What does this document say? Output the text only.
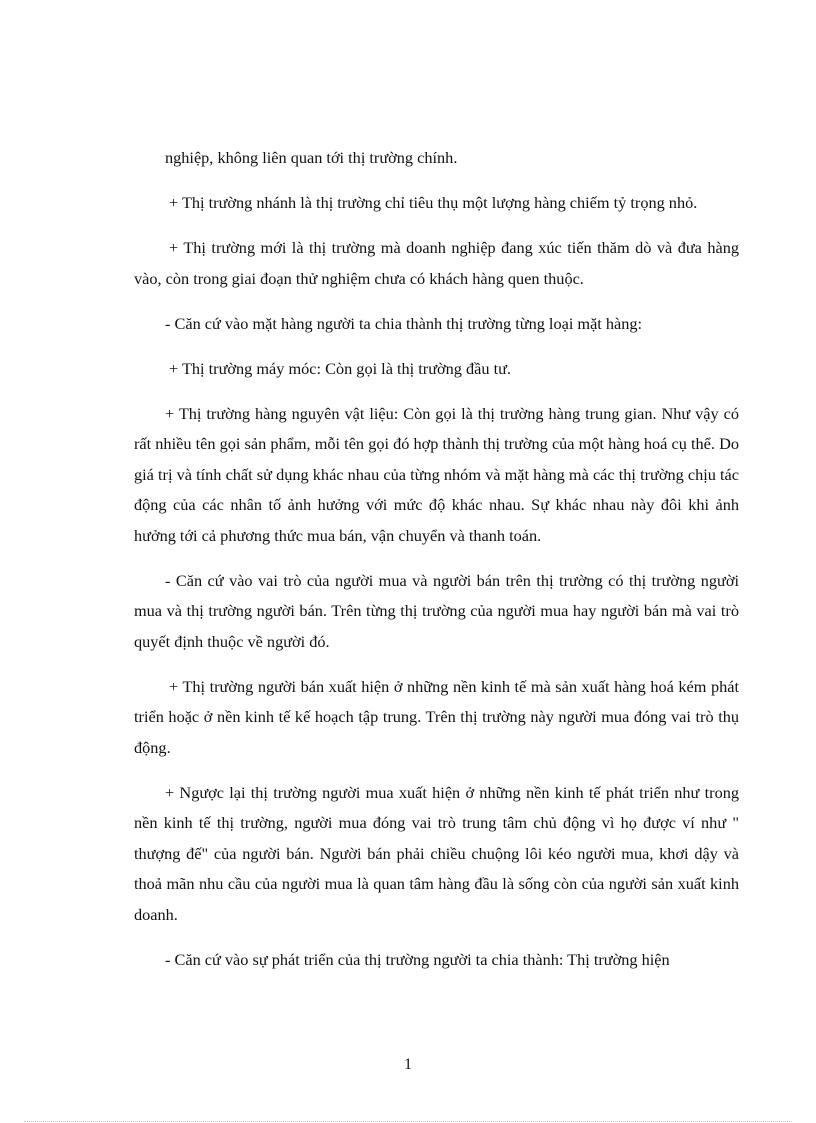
nghiệp, không liên quan tới thị trường chính.

+ Thị trường nhánh là thị trường chỉ tiêu thụ một lượng hàng chiếm tỷ trọng nhỏ.

+ Thị trường mới là thị trường mà doanh nghiệp đang xúc tiến thăm dò và đưa hàng vào, còn trong giai đoạn thử nghiệm chưa có khách hàng quen thuộc.

- Căn cứ vào mặt hàng người ta chia thành thị trường từng loại mặt hàng:

+ Thị trường máy móc: Còn gọi là thị trường đầu tư.

+ Thị trường hàng nguyên vật liệu: Còn gọi là thị trường hàng trung gian. Như vậy có rất nhiều tên gọi sản phẩm, mỗi tên gọi đó hợp thành thị trường của một hàng hoá cụ thể. Do giá trị và tính chất sử dụng khác nhau của từng nhóm và mặt hàng mà các thị trường chịu tác động của các nhân tố ảnh hưởng với mức độ khác nhau. Sự khác nhau này đôi khi ảnh hưởng tới cả phương thức mua bán, vận chuyển và thanh toán.

- Căn cứ vào vai trò của người mua và người bán trên thị trường có thị trường người mua và thị trường người bán. Trên từng thị trường của người mua hay người bán mà vai trò quyết định thuộc về người đó.

+ Thị trường người bán xuất hiện ở những nền kinh tế mà sản xuất hàng hoá kém phát triển hoặc ở nền kinh tế kế hoạch tập trung. Trên thị trường này người mua đóng vai trò thụ động.

+ Ngược lại thị trường người mua xuất hiện ở những nền kinh tế phát triển như trong nền kinh tế thị trường, người mua đóng vai trò trung tâm chủ động vì họ được ví như " thượng đế" của người bán. Người bán phải chiều chuộng lôi kéo người mua, khơi dậy và thoả mãn nhu cầu của người mua là quan tâm hàng đầu là sống còn của người sản xuất kinh doanh.

- Căn cứ vào sự phát triển của thị trường người ta chia thành: Thị trường hiện

1
